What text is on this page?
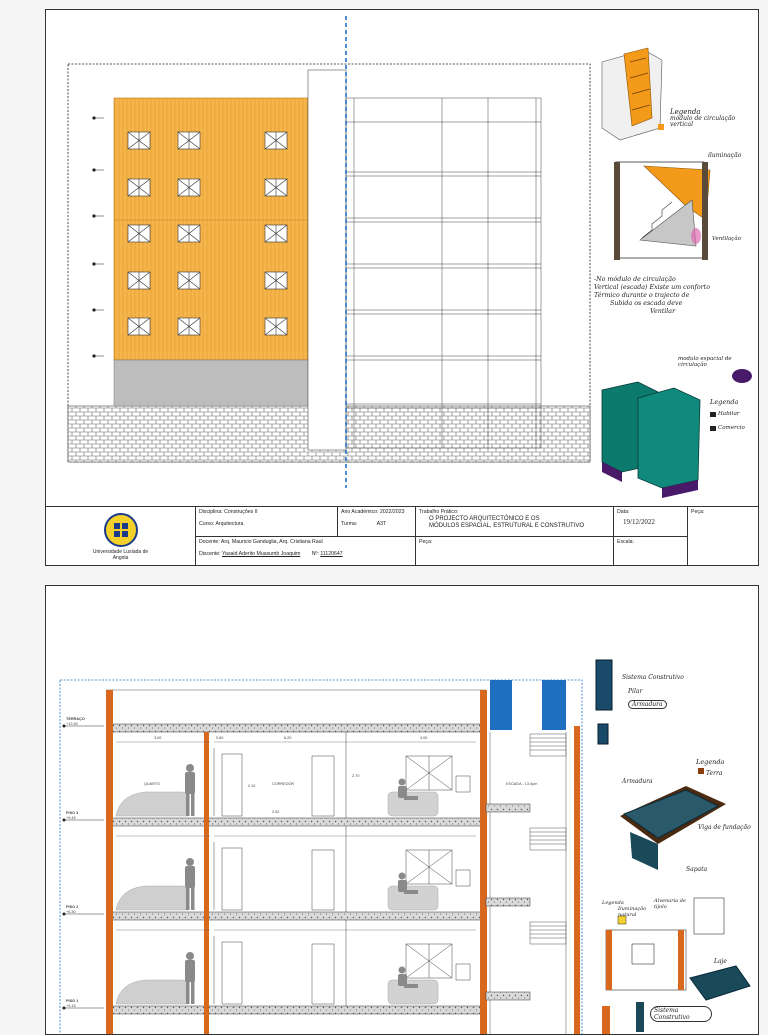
Legenda
módulo de circulação vertical
iluminação
Ventilação
-No módulo de circulação
Vertical (escada) Existe um conforto
Térmico durante o trajecto de
Subida os escada deve
Ventilar
modulo espacial de circulação
Legenda
Habitar
Comercio
Universidade Lusíada de Angola
Disciplina: Construções II
Curso: Arquitectura
Ano Académico: 2022/2023
Turma:	A3T
Docente: Arq. Mauricio Ganduglia, Arq. Cristiana Raul
Discente: Yasaid Aderito Muaxumb Joaquim Nº: 11120647
Trabalho Prático:
O PROJECTO ARQUITECTÓNICO E OS
MÓDULOS ESPACIAL, ESTRUTURAL E CONSTRUTIVO
Peça:
Data:
19/12/2022
Escala:
Peça:
TERRAÇO
+12.60
PISO 3
+9.45
PISO 2
+6.30
PISO 1
+3.15
QUARTO	CORREDOR	ESCADA - 13.0pm
3.00	0.60	6.20	4.00
2.10
2.70
2.52
Sistema Construtivo
Pilar
Armadura
Armadura
Legenda
Terra
Viga de fundação
Sapata
Legenda
Iluminação natural
Alvenaria de tijolo
Laje
Sistema Construtivo
